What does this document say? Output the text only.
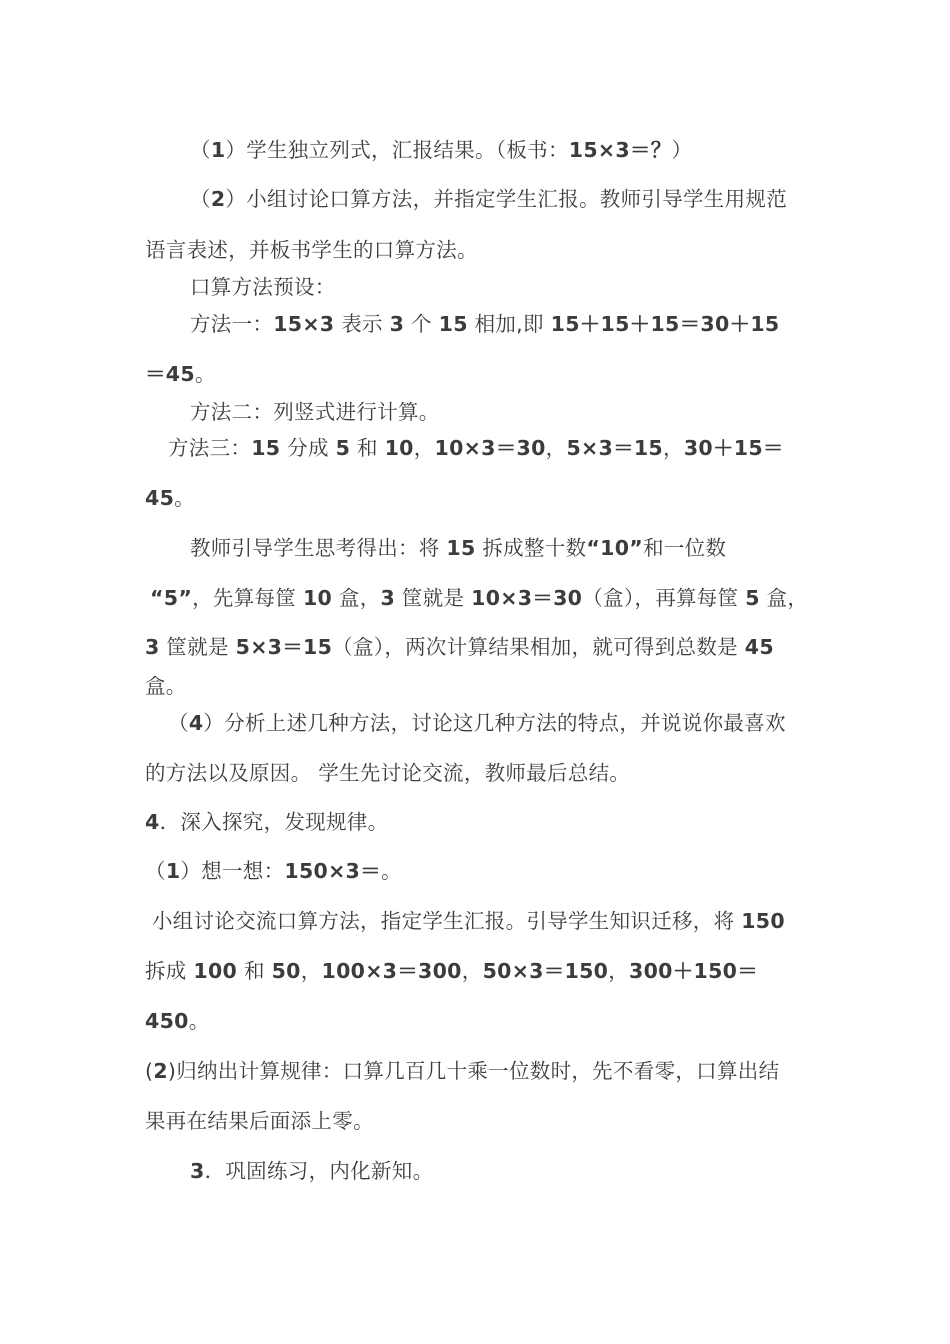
（1）学生独立列式，汇报结果。（板书：15×3＝？）
（2）小组讨论口算方法，并指定学生汇报。教师引导学生用规范
语言表述，并板书学生的口算方法。
口算方法预设：
方法一：15×3 表示 3 个 15 相加,即 15＋15＋15＝30＋15
＝45。
方法二：列竖式进行计算。
方法三：15 分成 5 和 10，10×3＝30，5×3＝15，30＋15＝
45。
教师引导学生思考得出：将 15 拆成整十数“10”和一位数
“5”，先算每筐 10 盒，3 筐就是 10×3＝30（盒），再算每筐 5 盒，
3 筐就是 5×3＝15（盒），两次计算结果相加，就可得到总数是 45
盒。
（4）分析上述几种方法，讨论这几种方法的特点，并说说你最喜欢
的方法以及原因。 学生先讨论交流，教师最后总结。
4．深入探究，发现规律。
（1）想一想：150×3＝。
小组讨论交流口算方法，指定学生汇报。引导学生知识迁移，将 150
拆成 100 和 50，100×3＝300，50×3＝150，300＋150＝
450。
(2)归纳出计算规律：口算几百几十乘一位数时，先不看零，口算出结
果再在结果后面添上零。
3．巩固练习，内化新知。
